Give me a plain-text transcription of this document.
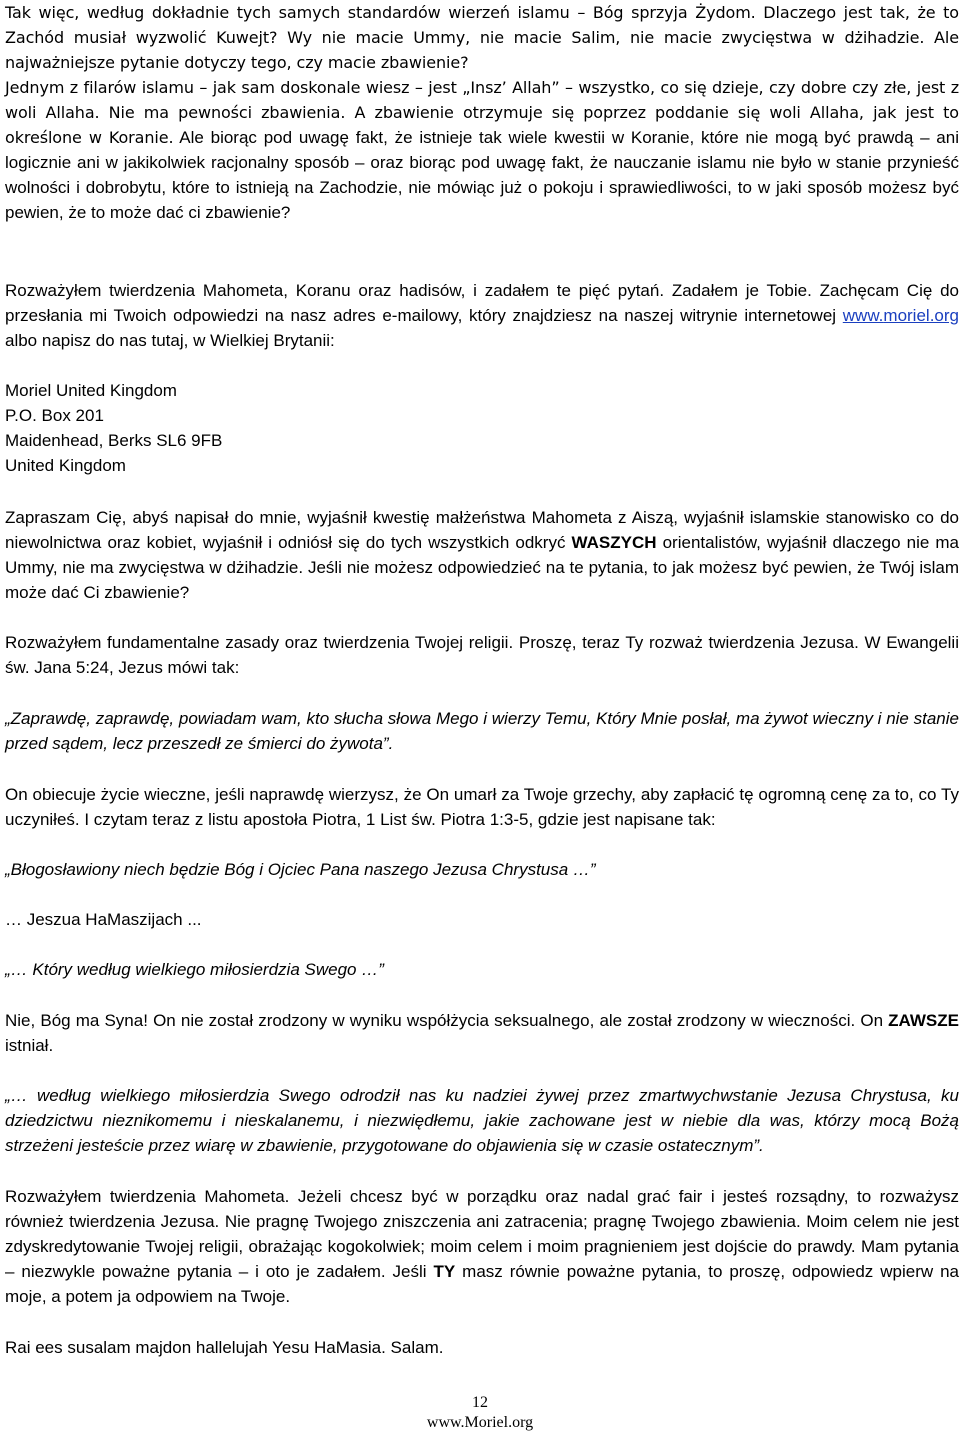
Tak więc, według dokładnie tych samych standardów wierzeń islamu – Bóg sprzyja Żydom. Dlaczego jest tak, że to Zachód musiał wyzwolić Kuwejt? Wy nie macie Ummy, nie macie Salim, nie macie zwycięstwa w dżihadzie. Ale najważniejsze pytanie dotyczy tego, czy macie zbawienie?

Jednym z filarów islamu – jak sam doskonale wiesz – jest „Insz’ Allah” – wszystko, co się dzieje, czy dobre czy złe, jest z woli Allaha. Nie ma pewności zbawienia. A zbawienie otrzymuje się poprzez poddanie się woli Allaha, jak jest to określone w Koranie. Ale biorąc pod uwagę fakt, że istnieje tak wiele kwestii w Koranie, które nie mogą być prawdą – ani logicznie ani w jakikolwiek racjonalny sposób – oraz biorąc pod uwagę fakt, że nauczanie islamu nie było w stanie przynieść wolności i dobrobytu, które to istnieją na Zachodzie, nie mówiąc już o pokoju i sprawiedliwości, to w jaki sposób możesz być pewien, że to może dać ci zbawienie?

Rozważyłem twierdzenia Mahometa, Koranu oraz hadisów, i zadałem te pięć pytań. Zadałem je Tobie. Zachęcam Cię do przesłania mi Twoich odpowiedzi na nasz adres e-mailowy, który znajdziesz na naszej witrynie internetowej www.moriel.org albo napisz do nas tutaj, w Wielkiej Brytanii:

Moriel United Kingdom
P.O. Box 201
Maidenhead, Berks SL6 9FB
United Kingdom

Zapraszam Cię, abyś napisał do mnie, wyjaśnił kwestię małżeństwa Mahometa z Aiszą, wyjaśnił islamskie stanowisko co do niewolnictwa oraz kobiet, wyjaśnił i odniósł się do tych wszystkich odkryć WASZYCH orientalistów, wyjaśnił dlaczego nie ma Ummy, nie ma zwycięstwa w dżihadzie. Jeśli nie możesz odpowiedzieć na te pytania, to jak możesz być pewien, że Twój islam może dać Ci zbawienie?

Rozważyłem fundamentalne zasady oraz twierdzenia Twojej religii. Proszę, teraz Ty rozważ twierdzenia Jezusa. W Ewangelii św. Jana 5:24, Jezus mówi tak:

„Zaprawdę, zaprawdę, powiadam wam, kto słucha słowa Mego i wierzy Temu, Który Mnie posłał, ma żywot wieczny i nie stanie przed sądem, lecz przeszedł ze śmierci do żywota”.

On obiecuje życie wieczne, jeśli naprawdę wierzysz, że On umarł za Twoje grzechy, aby zapłacić tę ogromną cenę za to, co Ty uczyniłeś. I czytam teraz z listu apostoła Piotra, 1 List św. Piotra 1:3-5, gdzie jest napisane tak:

„Błogosławiony niech będzie Bóg i Ojciec Pana naszego Jezusa Chrystusa …”

… Jeszua HaMaszijach ...

„… Który według wielkiego miłosierdzia Swego …”

Nie, Bóg ma Syna! On nie został zrodzony w wyniku współżycia seksualnego, ale został zrodzony w wieczności. On ZAWSZE istniał.

„… według wielkiego miłosierdzia Swego odrodził nas ku nadziei żywej przez zmartwychwstanie Jezusa Chrystusa, ku dziedzictwu nieznikomemu i nieskalanemu, i niezwiędłemu, jakie zachowane jest w niebie dla was, którzy mocą Bożą strzeżeni jesteście przez wiarę w zbawienie, przygotowane do objawienia się w czasie ostatecznym”.

Rozważyłem twierdzenia Mahometa. Jeżeli chcesz być w porządku oraz nadal grać fair i jesteś rozsądny, to rozważysz również twierdzenia Jezusa. Nie pragnę Twojego zniszczenia ani zatracenia; pragnę Twojego zbawienia. Moim celem nie jest zdyskredytowanie Twojej religii, obrażając kogokolwiek; moim celem i moim pragnieniem jest dojście do prawdy. Mam pytania – niezwykle poważne pytania – i oto je zadałem. Jeśli TY masz równie poważne pytania, to proszę, odpowiedz wpierw na moje, a potem ja odpowiem na Twoje.

Rai ees susalam majdon hallelujah Yesu HaMasia. Salam.

12
www.Moriel.org
